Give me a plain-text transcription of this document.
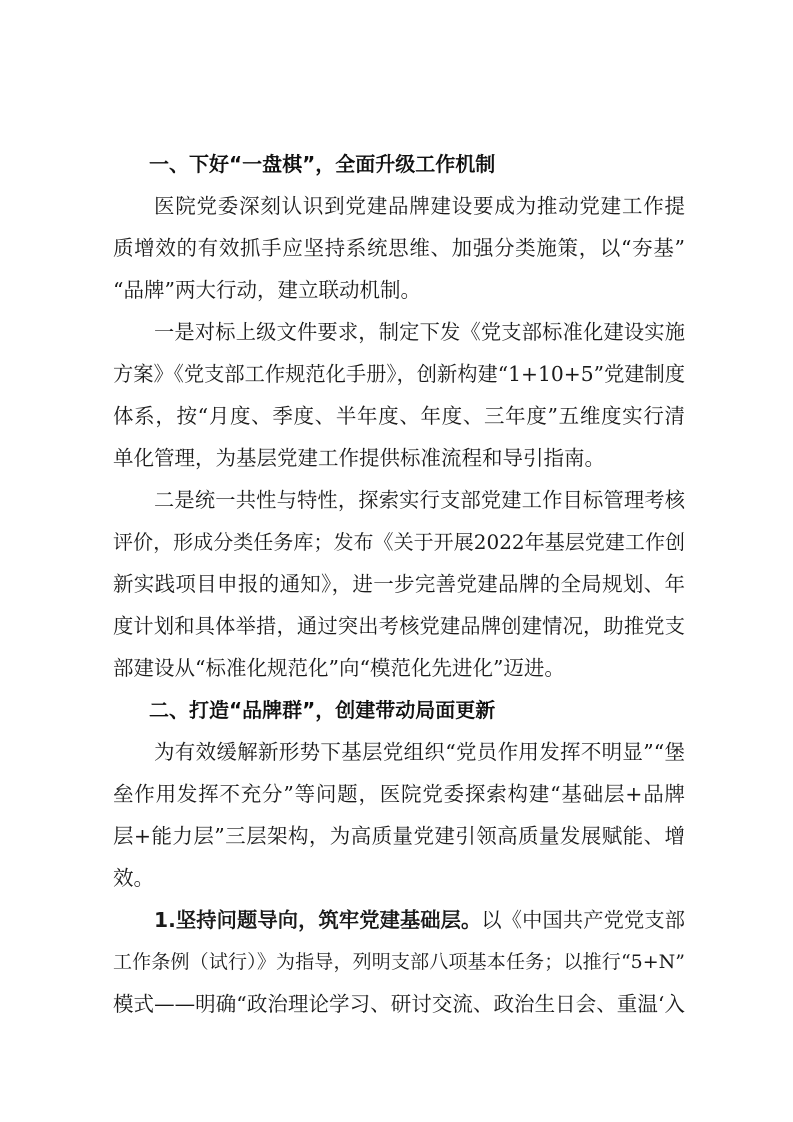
一、下好“一盘棋”，全面升级工作机制

医院党委深刻认识到党建品牌建设要成为推动党建工作提
质增效的有效抓手应坚持系统思维、加强分类施策，以“夯基”
“品牌”两大行动，建立联动机制。

一是对标上级文件要求，制定下发《党支部标准化建设实施
方案》《党支部工作规范化手册》，创新构建“1+10+5”党建制度
体系，按“月度、季度、半年度、年度、三年度”五维度实行清
单化管理，为基层党建工作提供标准流程和导引指南。

二是统一共性与特性，探索实行支部党建工作目标管理考核
评价，形成分类任务库；发布《关于开展2022年基层党建工作创
新实践项目申报的通知》，进一步完善党建品牌的全局规划、年
度计划和具体举措，通过突出考核党建品牌创建情况，助推党支
部建设从“标准化规范化”向“模范化先进化”迈进。

二、打造“品牌群”，创建带动局面更新

为有效缓解新形势下基层党组织“党员作用发挥不明显”“堡
垒作用发挥不充分”等问题，医院党委探索构建“基础层+品牌
层+能力层”三层架构，为高质量党建引领高质量发展赋能、增
效。

1.坚持问题导向，筑牢党建基础层。以《中国共产党党支部
工作条例（试行）》为指导，列明支部八项基本任务；以推行“5+N”
模式——明确“政治理论学习、研讨交流、政治生日会、重温‘入
